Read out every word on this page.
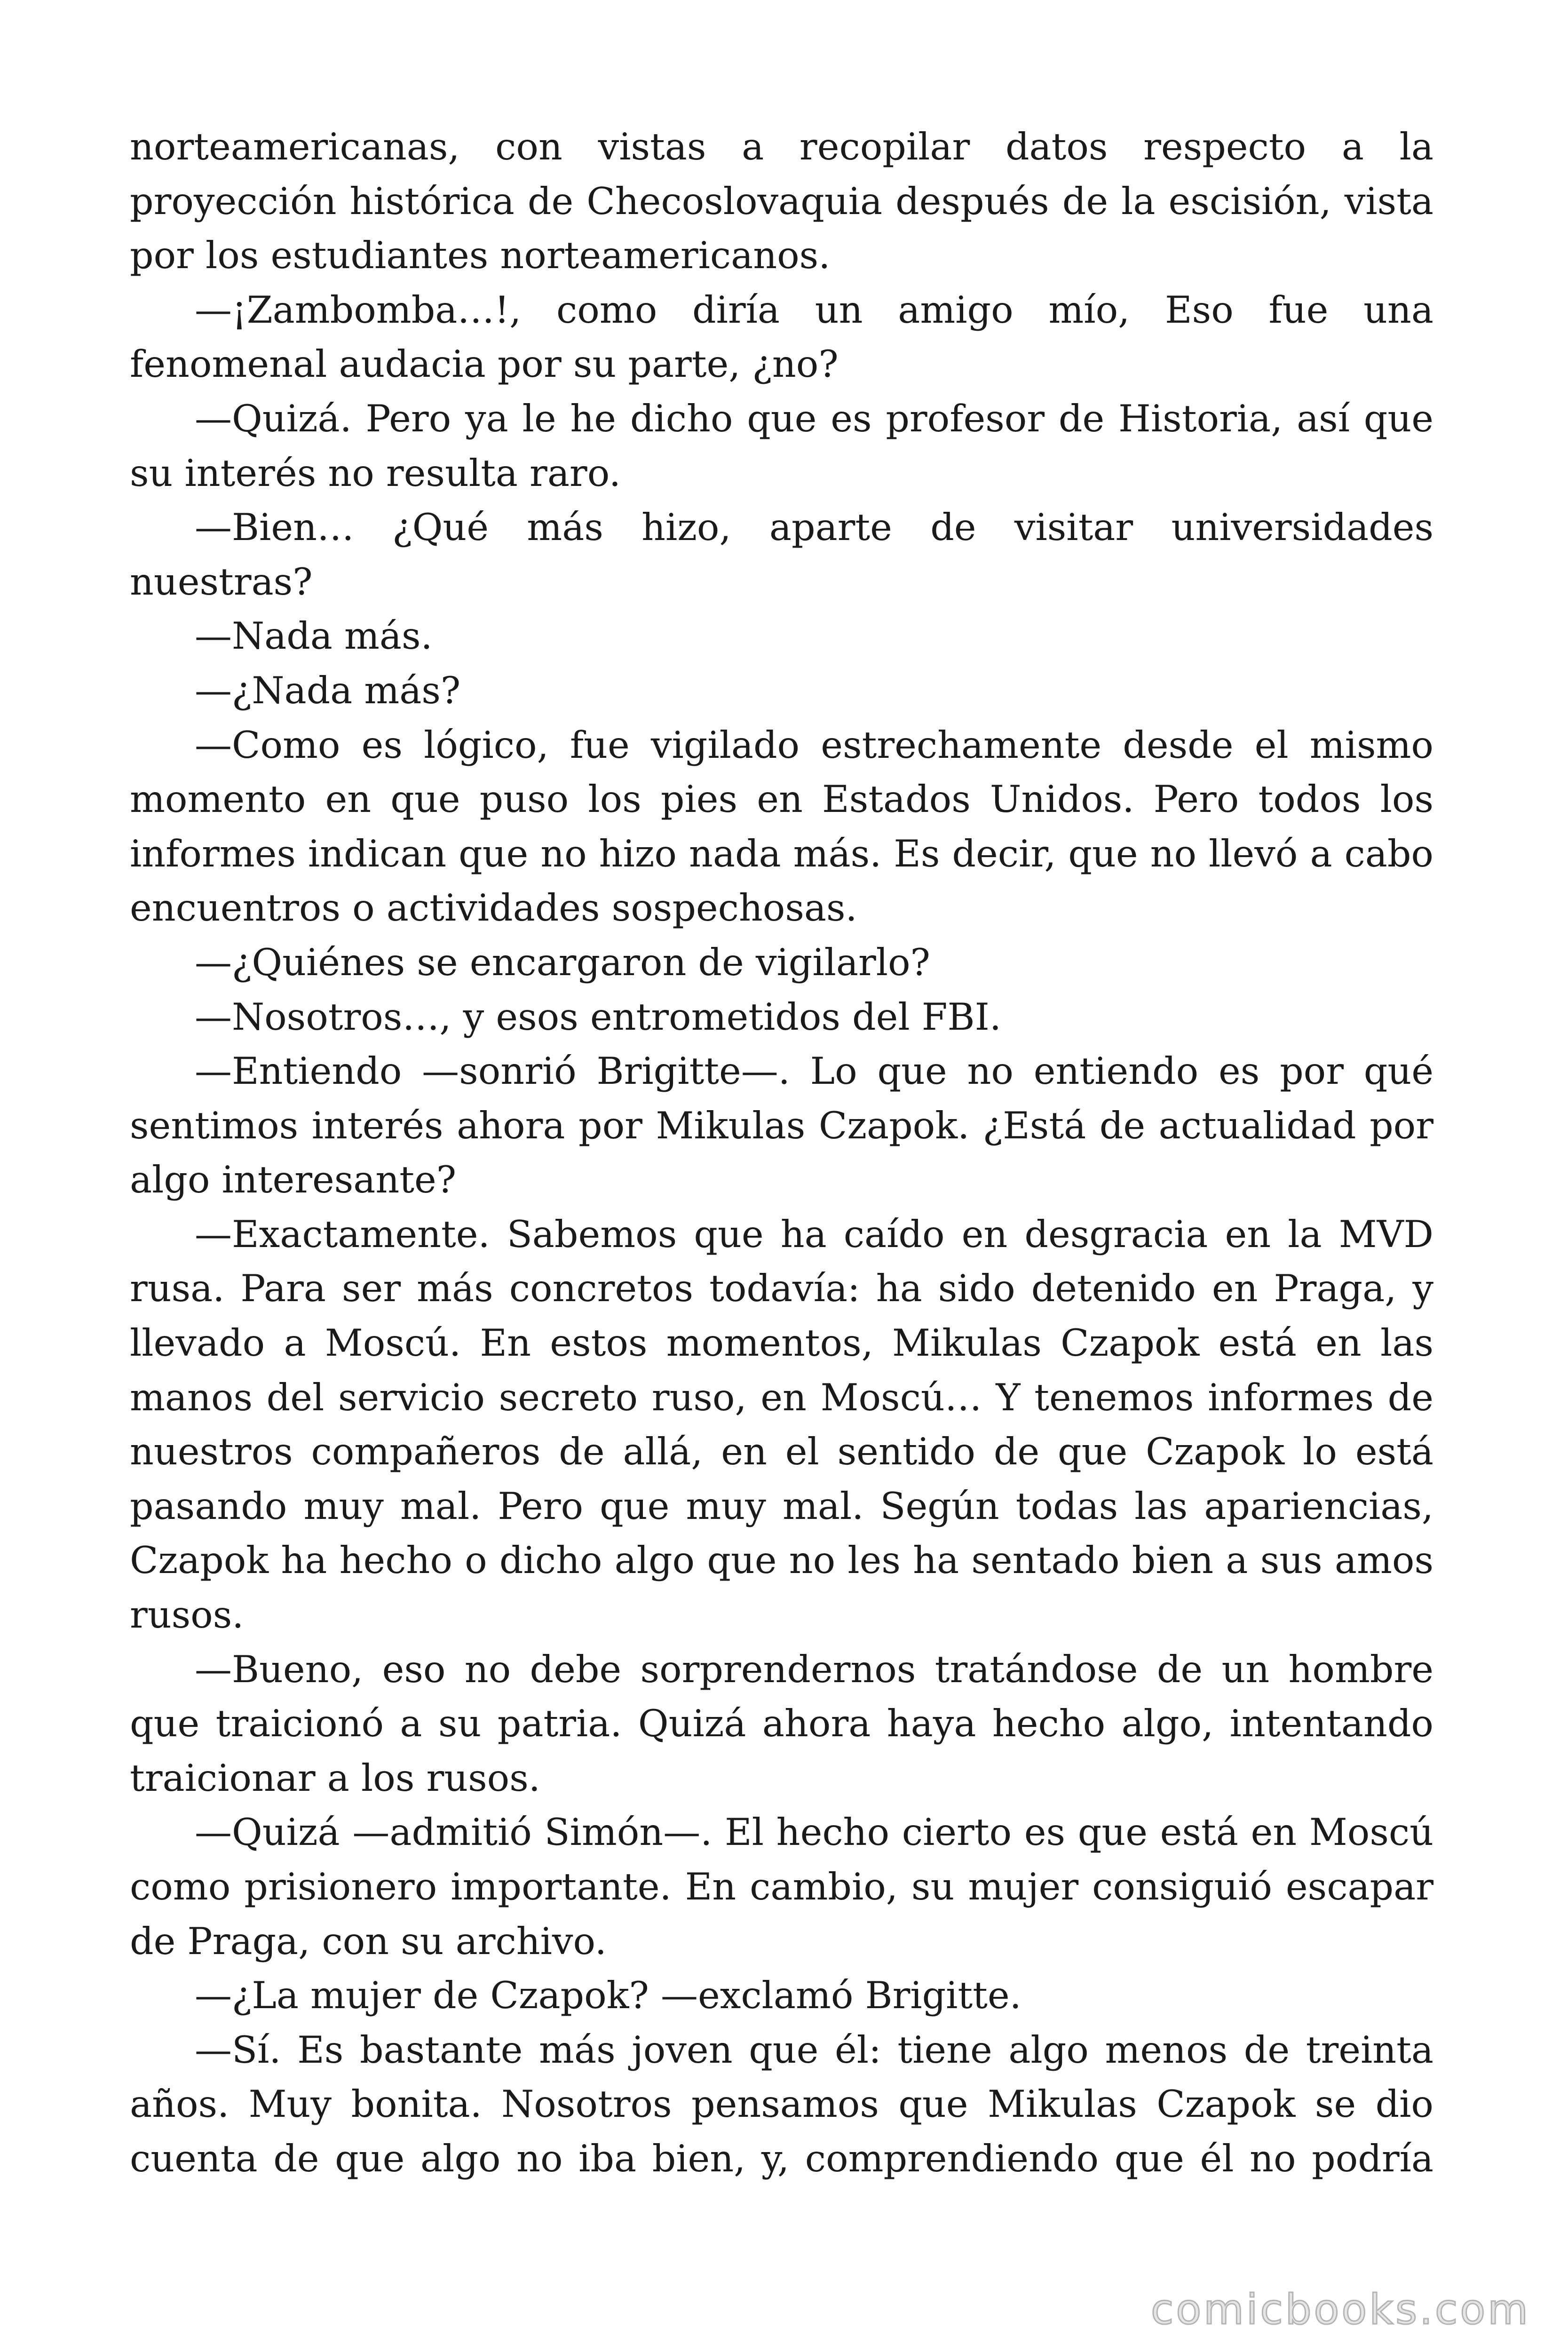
norteamericanas, con vistas a recopilar datos respecto a la proyección histórica de Checoslovaquia después de la escisión, vista por los estudiantes norteamericanos.

—¡Zambomba…!, como diría un amigo mío, Eso fue una fenomenal audacia por su parte, ¿no?

—Quizá. Pero ya le he dicho que es profesor de Historia, así que su interés no resulta raro.

—Bien… ¿Qué más hizo, aparte de visitar universidades nuestras?

—Nada más.

—¿Nada más?

—Como es lógico, fue vigilado estrechamente desde el mismo momento en que puso los pies en Estados Unidos. Pero todos los informes indican que no hizo nada más. Es decir, que no llevó a cabo encuentros o actividades sospechosas.

—¿Quiénes se encargaron de vigilarlo?

—Nosotros…, y esos entrometidos del FBI.

—Entiendo —sonrió Brigitte—. Lo que no entiendo es por qué sentimos interés ahora por Mikulas Czapok. ¿Está de actualidad por algo interesante?

—Exactamente. Sabemos que ha caído en desgracia en la MVD rusa. Para ser más concretos todavía: ha sido detenido en Praga, y llevado a Moscú. En estos momentos, Mikulas Czapok está en las manos del servicio secreto ruso, en Moscú… Y tenemos informes de nuestros compañeros de allá, en el sentido de que Czapok lo está pasando muy mal. Pero que muy mal. Según todas las apariencias, Czapok ha hecho o dicho algo que no les ha sentado bien a sus amos rusos.

—Bueno, eso no debe sorprendernos tratándose de un hombre que traicionó a su patria. Quizá ahora haya hecho algo, intentando traicionar a los rusos.

—Quizá —admitió Simón—. El hecho cierto es que está en Moscú como prisionero importante. En cambio, su mujer consiguió escapar de Praga, con su archivo.

—¿La mujer de Czapok? —exclamó Brigitte.

—Sí. Es bastante más joven que él: tiene algo menos de treinta años. Muy bonita. Nosotros pensamos que Mikulas Czapok se dio cuenta de que algo no iba bien, y, comprendiendo que él no podría

comicbooks.com
